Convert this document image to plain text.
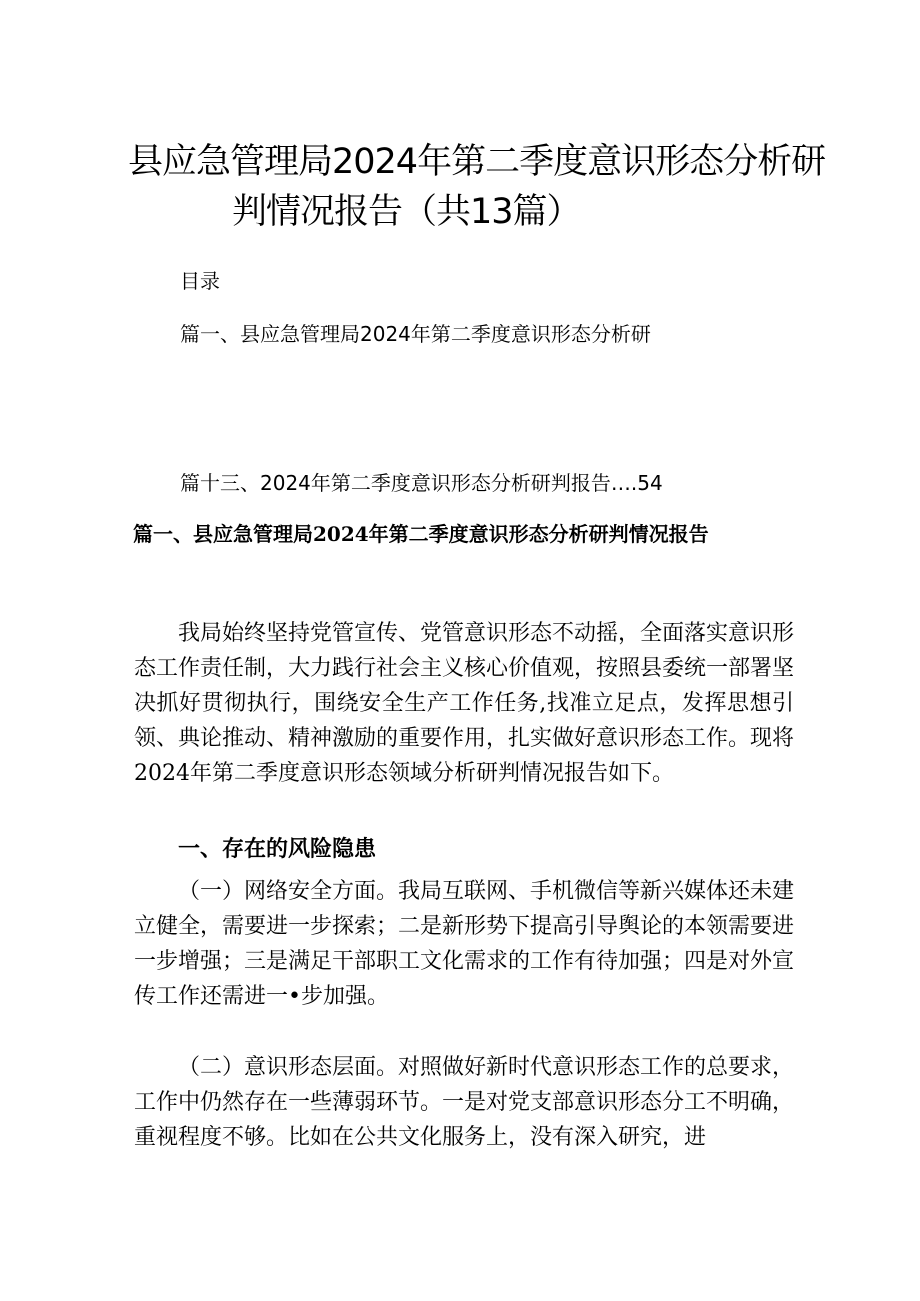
县应急管理局2024年第二季度意识形态分析研
判情况报告（共13篇）
目录
篇一、县应急管理局2024年第二季度意识形态分析研
篇十三、2024年第二季度意识形态分析研判报告….54
篇一、县应急管理局2024年第二季度意识形态分析研判情况报告

我局始终坚持党管宣传、党管意识形态不动摇，全面落实意识形态工作责任制，大力践行社会主义核心价值观，按照县委统一部署坚决抓好贯彻执行，围绕安全生产工作任务,找准立足点，发挥思想引领、典论推动、精神激励的重要作用，扎实做好意识形态工作。现将2024年第二季度意识形态领域分析研判情况报告如下。

一、存在的风险隐患

（一）网络安全方面。我局互联网、手机微信等新兴媒体还未建立健全，需要进一步探索；二是新形势下提高引导舆论的本领需要进一步增强；三是满足干部职工文化需求的工作有待加强；四是对外宣传工作还需进一•步加强。

（二）意识形态层面。对照做好新时代意识形态工作的总要求，工作中仍然存在一些薄弱环节。一是对党支部意识形态分工不明确，重视程度不够。比如在公共文化服务上，没有深入研究，进
